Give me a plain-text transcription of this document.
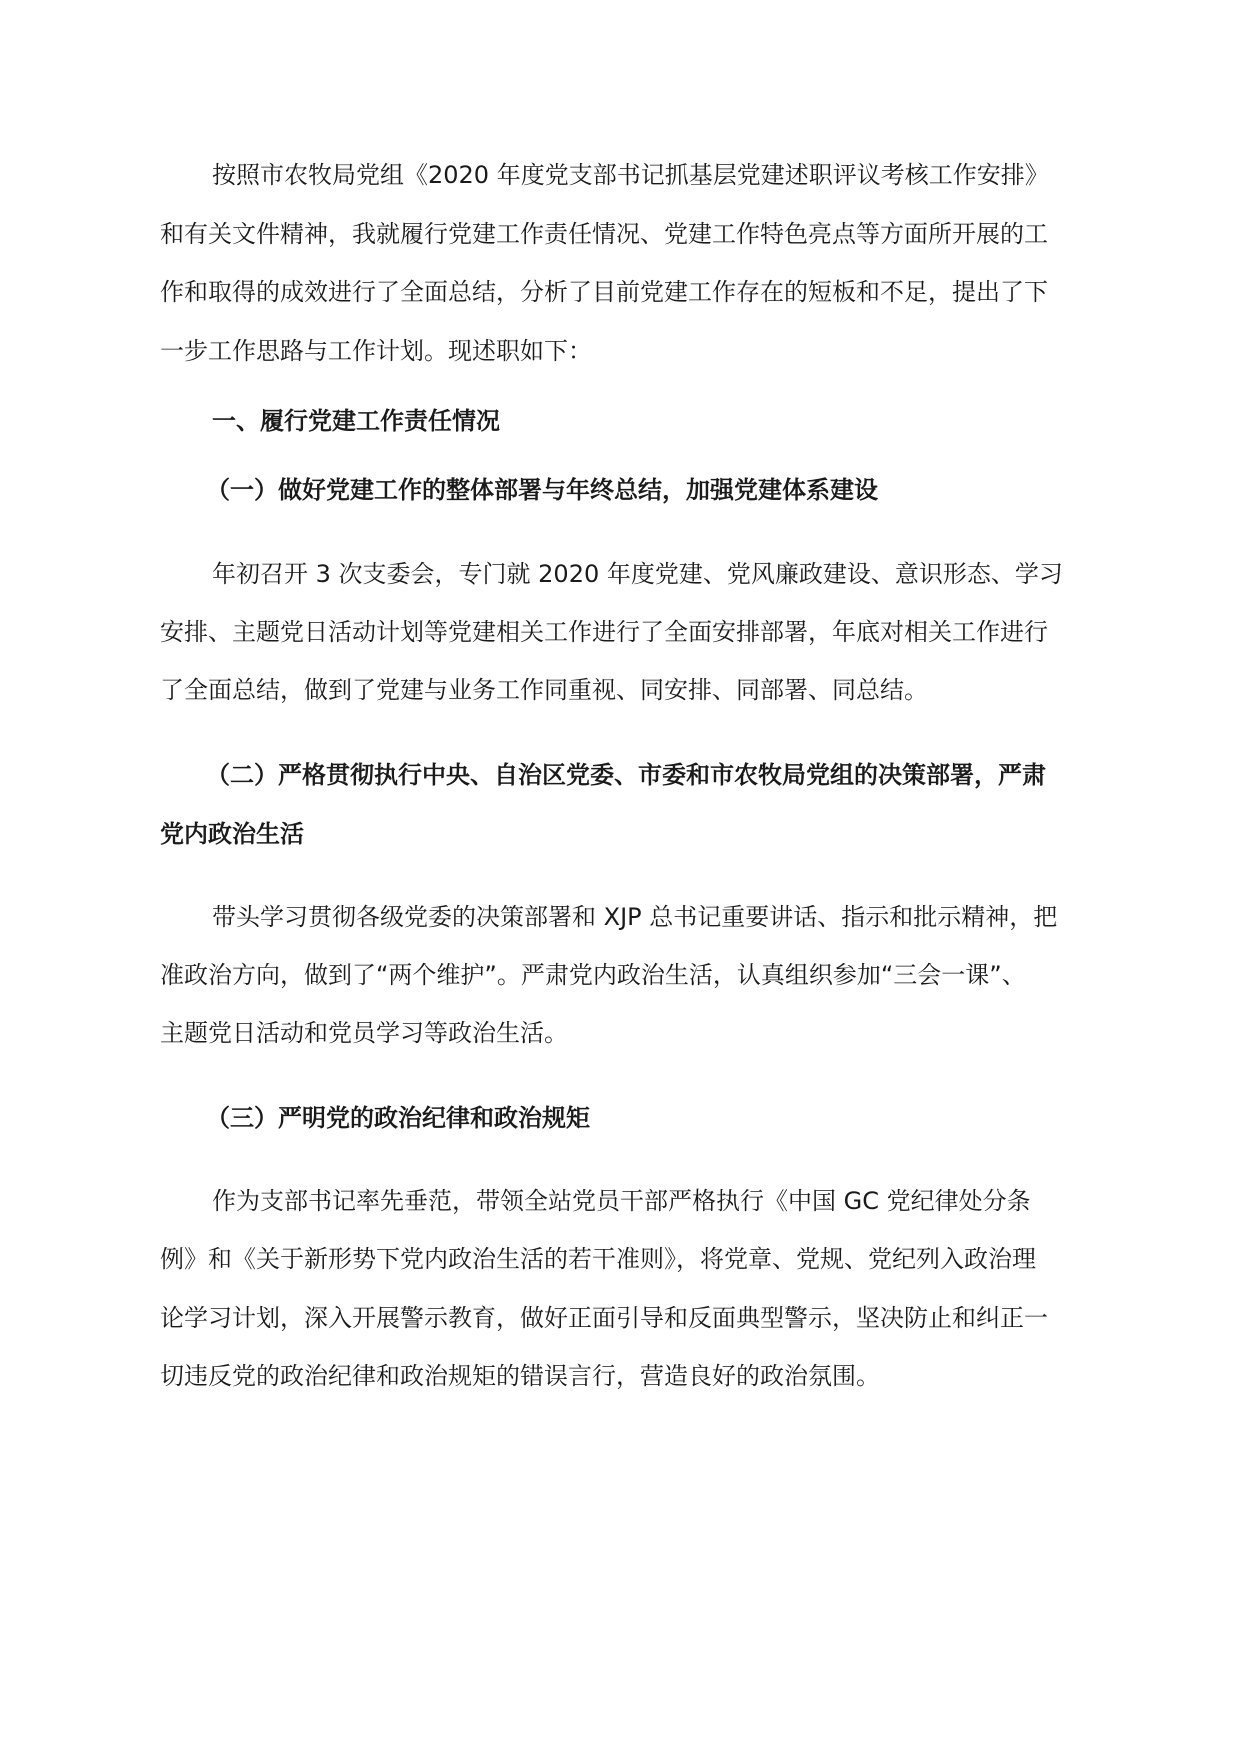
按照市农牧局党组《2020 年度党支部书记抓基层党建述职评议考核工作安排》
和有关文件精神，我就履行党建工作责任情况、党建工作特色亮点等方面所开展的工
作和取得的成效进行了全面总结，分析了目前党建工作存在的短板和不足，提出了下
一步工作思路与工作计划。现述职如下：
一、履行党建工作责任情况
（一）做好党建工作的整体部署与年终总结，加强党建体系建设
年初召开 3 次支委会，专门就 2020 年度党建、党风廉政建设、意识形态、学习
安排、主题党日活动计划等党建相关工作进行了全面安排部署，年底对相关工作进行
了全面总结，做到了党建与业务工作同重视、同安排、同部署、同总结。
（二）严格贯彻执行中央、自治区党委、市委和市农牧局党组的决策部署，严肃
党内政治生活
带头学习贯彻各级党委的决策部署和 XJP 总书记重要讲话、指示和批示精神，把
准政治方向，做到了“两个维护”。严肃党内政治生活，认真组织参加“三会一课”、
主题党日活动和党员学习等政治生活。
（三）严明党的政治纪律和政治规矩
作为支部书记率先垂范，带领全站党员干部严格执行《中国 GC 党纪律处分条
例》和《关于新形势下党内政治生活的若干准则》，将党章、党规、党纪列入政治理
论学习计划，深入开展警示教育，做好正面引导和反面典型警示，坚决防止和纠正一
切违反党的政治纪律和政治规矩的错误言行，营造良好的政治氛围。
